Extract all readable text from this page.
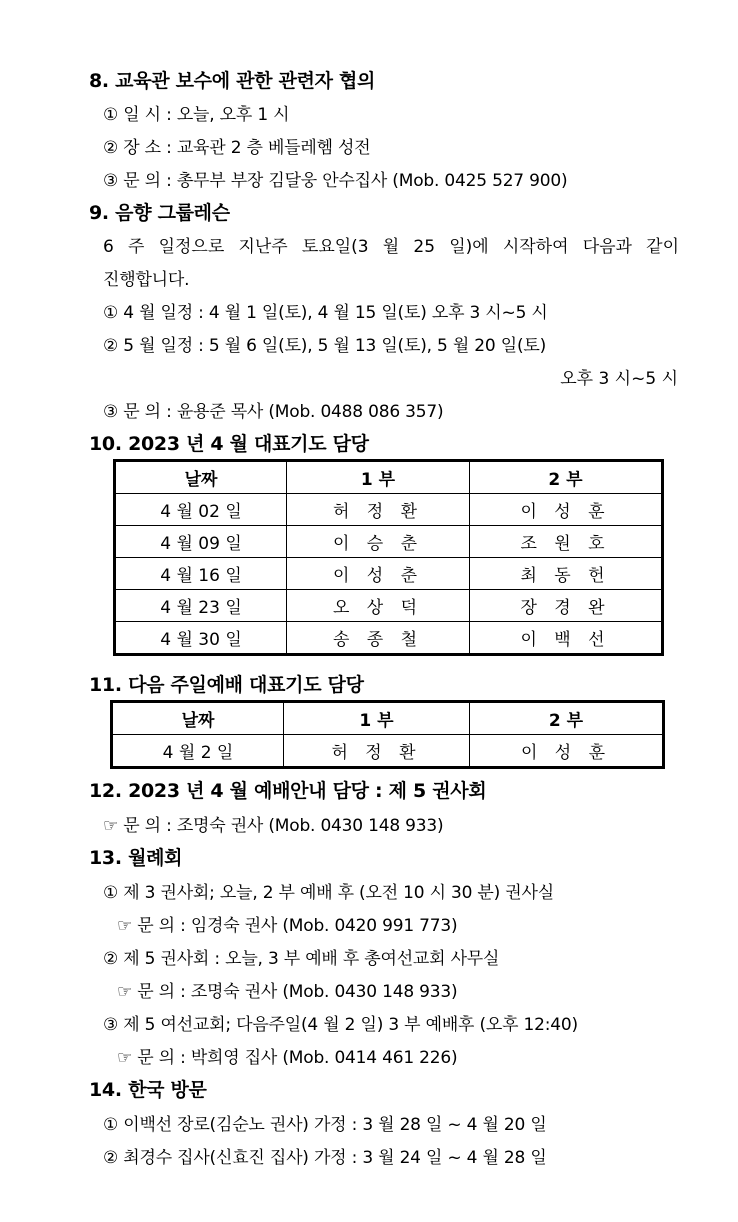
8. 교육관 보수에 관한 관련자 협의
① 일 시 : 오늘, 오후 1 시
② 장 소 : 교육관 2 층 베들레헴 성전
③ 문 의 : 총무부 부장 김달웅 안수집사 (Mob. 0425 527 900)
9. 음향 그룹레슨
6 주 일정으로 지난주 토요일(3 월 25 일)에 시작하여 다음과 같이
진행합니다.
① 4 월 일정 : 4 월 1 일(토), 4 월 15 일(토) 오후 3 시~5 시
② 5 월 일정 : 5 월 6 일(토), 5 월 13 일(토), 5 월 20 일(토)
오후 3 시~5 시
③ 문 의 : 윤용준 목사 (Mob. 0488 086 357)
10. 2023 년 4 월 대표기도 담당
날짜	1 부	2 부
4 월 02 일	허 정 환	이 성 훈
4 월 09 일	이 승 춘	조 원 호
4 월 16 일	이 성 춘	최 동 헌
4 월 23 일	오 상 덕	장 경 완
4 월 30 일	송 종 철	이 백 선
11. 다음 주일예배 대표기도 담당
날짜	1 부	2 부
4 월 2 일	허 정 환	이 성 훈
12. 2023 년 4 월 예배안내 담당 : 제 5 권사회
☞ 문 의 : 조명숙 권사 (Mob. 0430 148 933)
13. 월례회
① 제 3 권사회; 오늘, 2 부 예배 후 (오전 10 시 30 분) 권사실
☞ 문 의 : 임경숙 권사 (Mob. 0420 991 773)
② 제 5 권사회 : 오늘, 3 부 예배 후 총여선교회 사무실
☞ 문 의 : 조명숙 권사 (Mob. 0430 148 933)
③ 제 5 여선교회; 다음주일(4 월 2 일) 3 부 예배후 (오후 12:40)
☞ 문 의 : 박희영 집사 (Mob. 0414 461 226)
14. 한국 방문
① 이백선 장로(김순노 권사) 가정 : 3 월 28 일 ~ 4 월 20 일
② 최경수 집사(신효진 집사) 가정 : 3 월 24 일 ~ 4 월 28 일
